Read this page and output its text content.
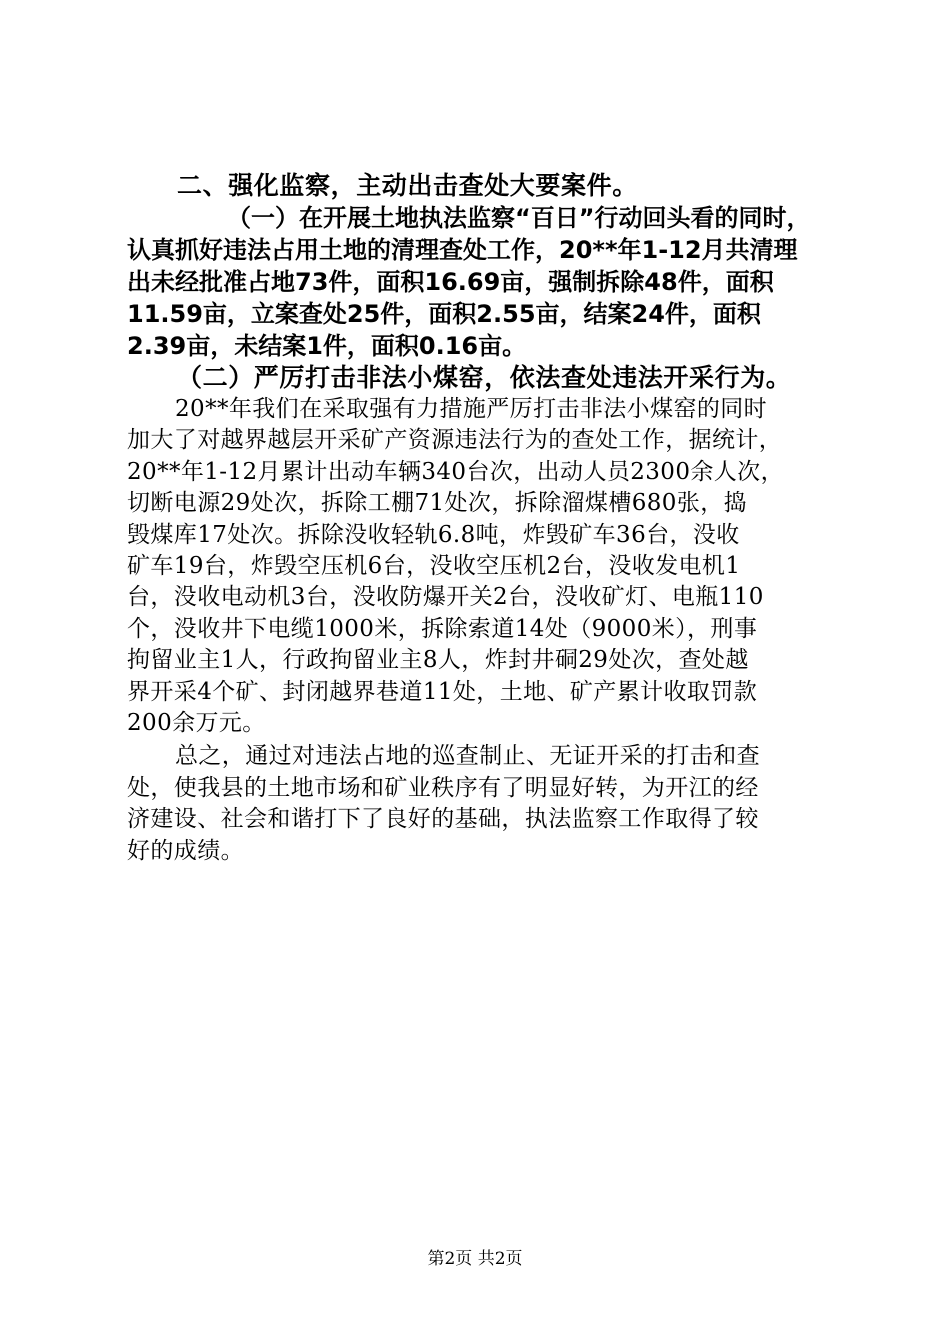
二、强化监察，主动出击查处大要案件。

（一）在开展土地执法监察“百日”行动回头看的同时，
认真抓好违法占用土地的清理查处工作，20**年1-12月共清理
出未经批准占地73件，面积16.69亩，强制拆除48件，面积
11.59亩，立案查处25件，面积2.55亩，结案24件，面积
2.39亩，未结案1件，面积0.16亩。

（二）严厉打击非法小煤窑，依法查处违法开采行为。

20**年我们在采取强有力措施严厉打击非法小煤窑的同时
加大了对越界越层开采矿产资源违法行为的查处工作，据统计，
20**年1-12月累计出动车辆340台次，出动人员2300余人次，
切断电源29处次，拆除工棚71处次，拆除溜煤槽680张，捣
毁煤库17处次。拆除没收轻轨6.8吨，炸毁矿车36台，没收
矿车19台，炸毁空压机6台，没收空压机2台，没收发电机1
台，没收电动机3台，没收防爆开关2台，没收矿灯、电瓶110
个，没收井下电缆1000米，拆除索道14处（9000米），刑事
拘留业主1人，行政拘留业主8人，炸封井硐29处次，查处越
界开采4个矿、封闭越界巷道11处，土地、矿产累计收取罚款
200余万元。
总之，通过对违法占地的巡查制止、无证开采的打击和查
处，使我县的土地市场和矿业秩序有了明显好转，为开江的经
济建设、社会和谐打下了良好的基础，执法监察工作取得了较
好的成绩。
第2页 共2页
